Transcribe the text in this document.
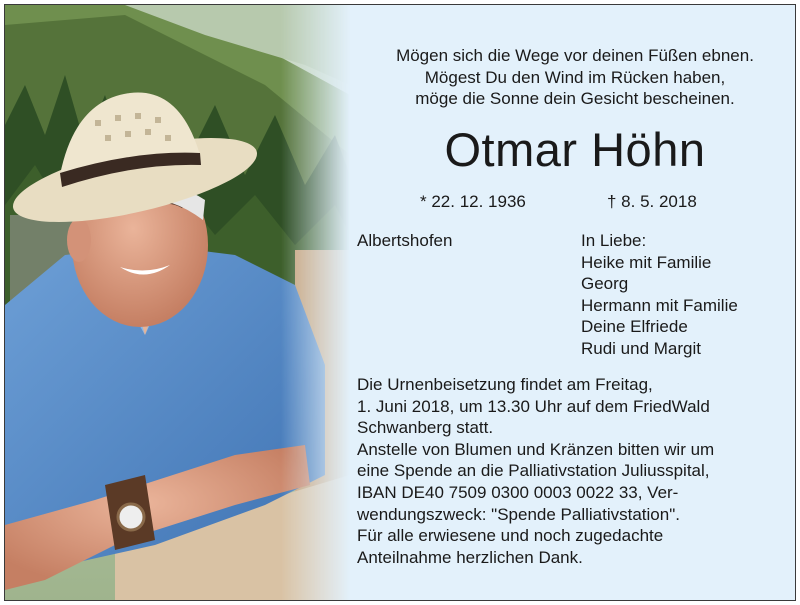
Mögen sich die Wege vor deinen Füßen ebnen.
Mögest Du den Wind im Rücken haben,
möge die Sonne dein Gesicht bescheinen.
Otmar Höhn
* 22. 12. 1936	† 8. 5. 2018
Albertshofen	In Liebe:
Heike mit Familie
Georg
Hermann mit Familie
Deine Elfriede
Rudi und Margit
Die Urnenbeisetzung findet am Freitag,
1. Juni 2018, um 13.30 Uhr auf dem FriedWald
Schwanberg statt.
Anstelle von Blumen und Kränzen bitten wir um
eine Spende an die Palliativstation Juliusspital,
IBAN DE40 7509 0300 0003 0022 33, Ver-
wendungszweck: "Spende Palliativstation".
Für alle erwiesene und noch zugedachte
Anteilnahme herzlichen Dank.
